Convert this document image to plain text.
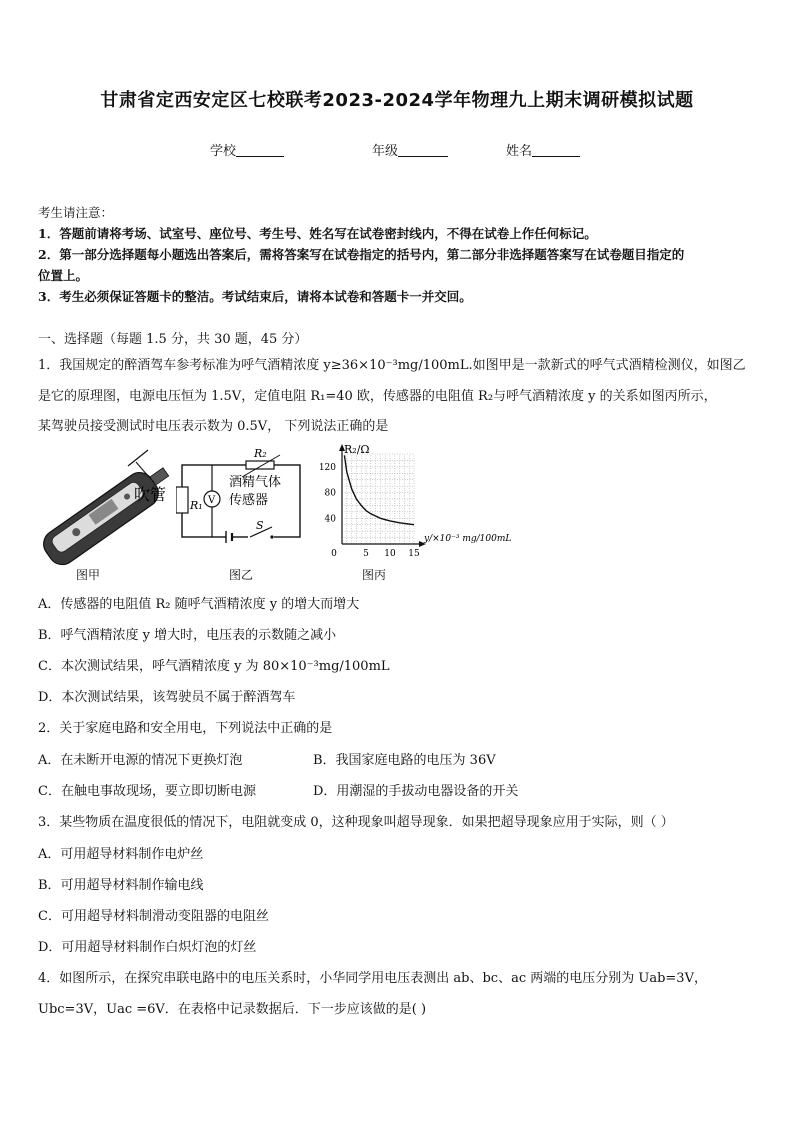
甘肃省定西安定区七校联考2023-2024学年物理九上期末调研模拟试题
学校	年级	姓名
考生请注意：
1．答题前请将考场、试室号、座位号、考生号、姓名写在试卷密封线内，不得在试卷上作任何标记。
2．第一部分选择题每小题选出答案后，需将答案写在试卷指定的括号内，第二部分非选择题答案写在试卷题目指定的
位置上。
3．考生必须保证答题卡的整洁。考试结束后，请将本试卷和答题卡一并交回。
一、选择题（每题 1.5 分，共 30 题，45 分）
1．我国规定的醉酒驾车参考标准为呼气酒精浓度 y≥36×10⁻³mg/100mL.如图甲是一款新式的呼气式酒精检测仪，如图乙
是它的原理图，电源电压恒为 1.5V，定值电阻 R₁=40 欧，传感器的电阻值 R₂与呼气酒精浓度 y 的关系如图丙所示，
某驾驶员接受测试时电压表示数为 0.5V， 下列说法正确的是
吹管
图甲
R₁ V
R₂
酒精气体
传感器
S
图乙
R₂/Ω
y/×10⁻³ mg/100mL
120
80
40
0	5 10 15
图丙
A．传感器的电阻值 R₂ 随呼气酒精浓度 y 的增大而增大
B．呼气酒精浓度 y 增大时，电压表的示数随之减小
C．本次测试结果，呼气酒精浓度 y 为 80×10⁻³mg/100mL
D．本次测试结果，该驾驶员不属于醉酒驾车
2．关于家庭电路和安全用电，下列说法中正确的是
A．在未断开电源的情况下更换灯泡	B．我国家庭电路的电压为 36V
C．在触电事故现场，要立即切断电源	D．用潮湿的手拔动电器设备的开关
3．某些物质在温度很低的情况下，电阻就变成 0，这种现象叫超导现象．如果把超导现象应用于实际，则（ ）
A．可用超导材料制作电炉丝
B．可用超导材料制作输电线
C．可用超导材料制滑动变阻器的电阻丝
D．可用超导材料制作白炽灯泡的灯丝
4．如图所示，在探究串联电路中的电压关系时，小华同学用电压表测出 ab、bc、ac 两端的电压分别为 Uab=3V，
Ubc=3V，Uac =6V．在表格中记录数据后．下一步应该做的是( )
